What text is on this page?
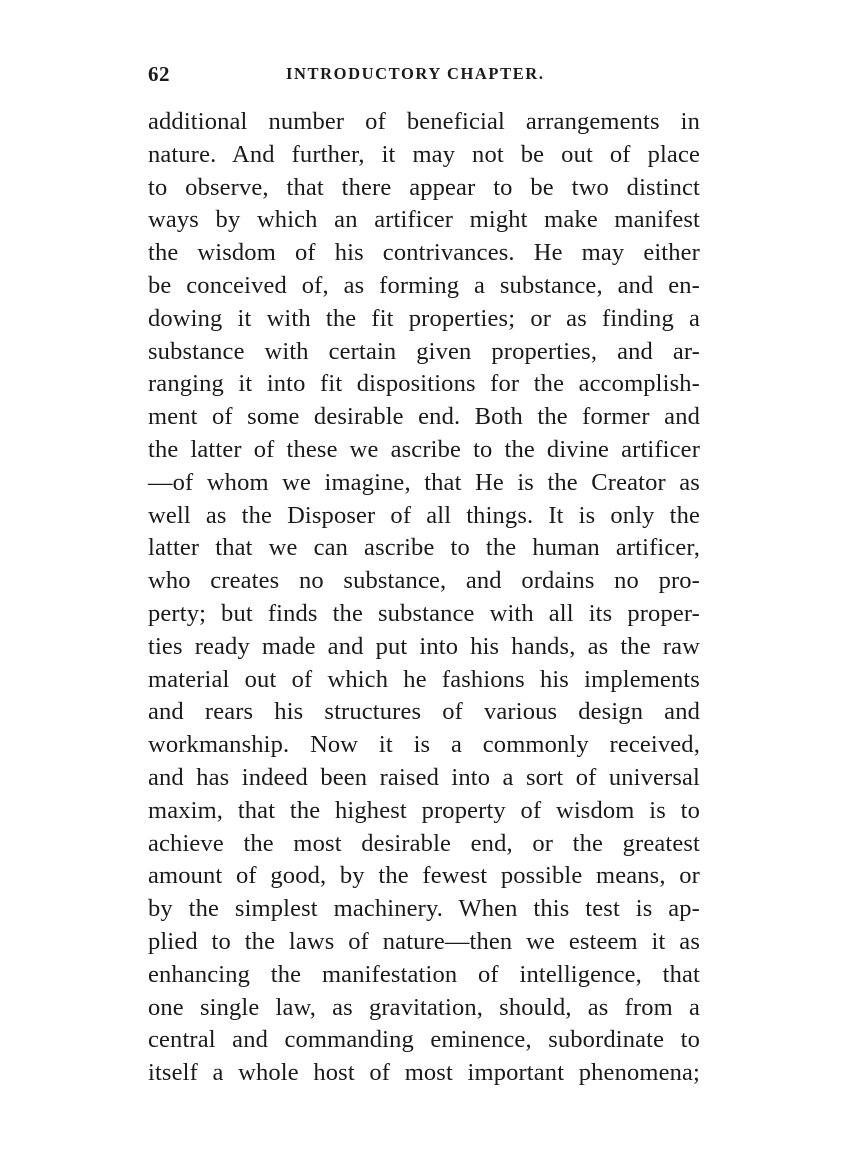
62	INTRODUCTORY CHAPTER.
additional number of beneficial arrangements in
nature. And further, it may not be out of place
to observe, that there appear to be two distinct
ways by which an artificer might make manifest
the wisdom of his contrivances. He may either
be conceived of, as forming a substance, and en-
dowing it with the fit properties; or as finding a
substance with certain given properties, and ar-
ranging it into fit dispositions for the accomplish-
ment of some desirable end. Both the former and
the latter of these we ascribe to the divine artificer
—of whom we imagine, that He is the Creator as
well as the Disposer of all things. It is only the
latter that we can ascribe to the human artificer,
who creates no substance, and ordains no pro-
perty; but finds the substance with all its proper-
ties ready made and put into his hands, as the raw
material out of which he fashions his implements
and rears his structures of various design and
workmanship. Now it is a commonly received,
and has indeed been raised into a sort of universal
maxim, that the highest property of wisdom is to
achieve the most desirable end, or the greatest
amount of good, by the fewest possible means, or
by the simplest machinery. When this test is ap-
plied to the laws of nature—then we esteem it as
enhancing the manifestation of intelligence, that
one single law, as gravitation, should, as from a
central and commanding eminence, subordinate to
itself a whole host of most important phenomena;
